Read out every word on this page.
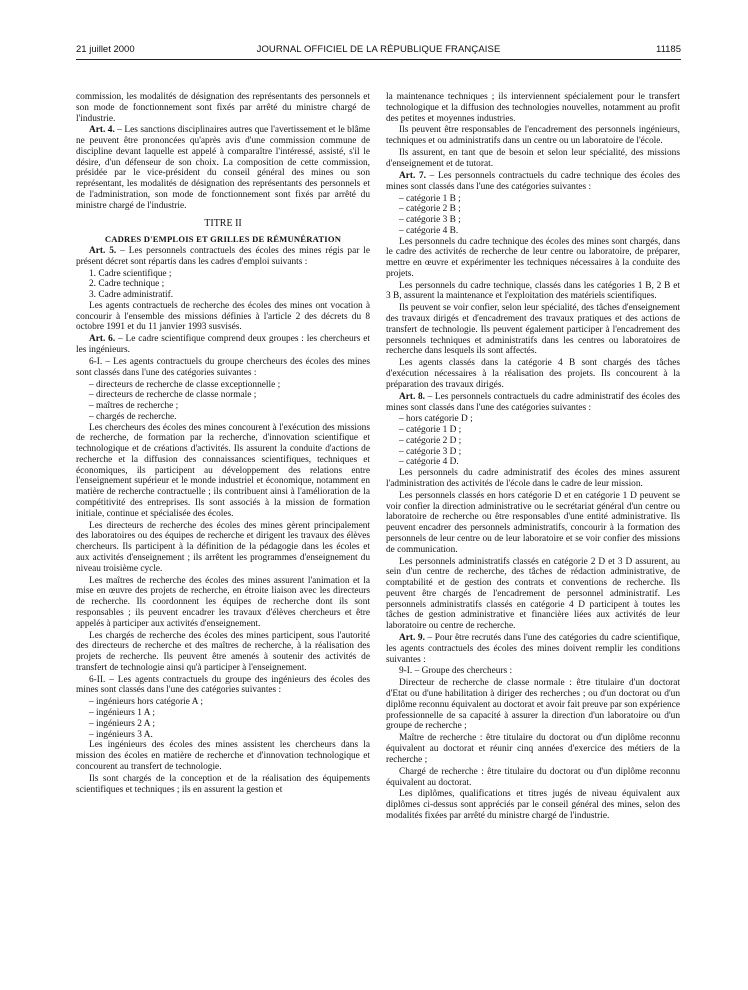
21 juillet 2000	JOURNAL OFFICIEL DE LA RÉPUBLIQUE FRANÇAISE	11185

commission, les modalités de désignation des représentants des personnels et son mode de fonctionnement sont fixés par arrêté du ministre chargé de l'industrie.

Art. 4. – Les sanctions disciplinaires autres que l'avertissement et le blâme ne peuvent être prononcées qu'après avis d'une commission commune de discipline devant laquelle est appelé à comparaître l'intéressé, assisté, s'il le désire, d'un défenseur de son choix. La composition de cette commission, présidée par le vice-président du conseil général des mines ou son représentant, les modalités de désignation des représentants des personnels et de l'administration, son mode de fonctionnement sont fixés par arrêté du ministre chargé de l'industrie.

TITRE II
CADRES D'EMPLOIS ET GRILLES DE RÉMUNÉRATION

Art. 5. – Les personnels contractuels des écoles des mines régis par le présent décret sont répartis dans les cadres d'emploi suivants :

1. Cadre scientifique ;

2. Cadre technique ;

3. Cadre administratif.

Les agents contractuels de recherche des écoles des mines ont vocation à concourir à l'ensemble des missions définies à l'article 2 des décrets du 8 octobre 1991 et du 11 janvier 1993 susvisés.

Art. 6. – Le cadre scientifique comprend deux groupes : les chercheurs et les ingénieurs.

6-I. – Les agents contractuels du groupe chercheurs des écoles des mines sont classés dans l'une des catégories suivantes :

– directeurs de recherche de classe exceptionnelle ;

– directeurs de recherche de classe normale ;

– maîtres de recherche ;

– chargés de recherche.

Les chercheurs des écoles des mines concourent à l'exécution des missions de recherche, de formation par la recherche, d'innovation scientifique et technologique et de créations d'activités. Ils assurent la conduite d'actions de recherche et la diffusion des connaissances scientifiques, techniques et économiques, ils participent au développement des relations entre l'enseignement supérieur et le monde industriel et économique, notamment en matière de recherche contractuelle ; ils contribuent ainsi à l'amélioration de la compétitivité des entreprises. Ils sont associés à la mission de formation initiale, continue et spécialisée des écoles.

Les directeurs de recherche des écoles des mines gèrent principalement des laboratoires ou des équipes de recherche et dirigent les travaux des élèves chercheurs. Ils participent à la définition de la pédagogie dans les écoles et aux activités d'enseignement ; ils arrêtent les programmes d'enseignement du niveau troisième cycle.

Les maîtres de recherche des écoles des mines assurent l'animation et la mise en œuvre des projets de recherche, en étroite liaison avec les directeurs de recherche. Ils coordonnent les équipes de recherche dont ils sont responsables ; ils peuvent encadrer les travaux d'élèves chercheurs et être appelés à participer aux activités d'enseignement.

Les chargés de recherche des écoles des mines participent, sous l'autorité des directeurs de recherche et des maîtres de recherche, à la réalisation des projets de recherche. Ils peuvent être amenés à soutenir des activités de transfert de technologie ainsi qu'à participer à l'enseignement.

6-II. – Les agents contractuels du groupe des ingénieurs des écoles des mines sont classés dans l'une des catégories suivantes :

– ingénieurs hors catégorie A ;

– ingénieurs 1 A ;

– ingénieurs 2 A ;

– ingénieurs 3 A.

Les ingénieurs des écoles des mines assistent les chercheurs dans la mission des écoles en matière de recherche et d'innovation technologique et concourent au transfert de technologie.

Ils sont chargés de la conception et de la réalisation des équipements scientifiques et techniques ; ils en assurent la gestion et

la maintenance techniques ; ils interviennent spécialement pour le transfert technologique et la diffusion des technologies nouvelles, notamment au profit des petites et moyennes industries.

Ils peuvent être responsables de l'encadrement des personnels ingénieurs, techniques et ou administratifs dans un centre ou un laboratoire de l'école.

Ils assurent, en tant que de besoin et selon leur spécialité, des missions d'enseignement et de tutorat.

Art. 7. – Les personnels contractuels du cadre technique des écoles des mines sont classés dans l'une des catégories suivantes :

– catégorie 1 B ;

– catégorie 2 B ;

– catégorie 3 B ;

– catégorie 4 B.

Les personnels du cadre technique des écoles des mines sont chargés, dans le cadre des activités de recherche de leur centre ou laboratoire, de préparer, mettre en œuvre et expérimenter les techniques nécessaires à la conduite des projets.

Les personnels du cadre technique, classés dans les catégories 1 B, 2 B et 3 B, assurent la maintenance et l'exploitation des matériels scientifiques.

Ils peuvent se voir confier, selon leur spécialité, des tâches d'enseignement des travaux dirigés et d'encadrement des travaux pratiques et des actions de transfert de technologie. Ils peuvent également participer à l'encadrement des personnels techniques et administratifs dans les centres ou laboratoires de recherche dans lesquels ils sont affectés.

Les agents classés dans la catégorie 4 B sont chargés des tâches d'exécution nécessaires à la réalisation des projets. Ils concourent à la préparation des travaux dirigés.

Art. 8. – Les personnels contractuels du cadre administratif des écoles des mines sont classés dans l'une des catégories suivantes :

– hors catégorie D ;

– catégorie 1 D ;

– catégorie 2 D ;

– catégorie 3 D ;

– catégorie 4 D.

Les personnels du cadre administratif des écoles des mines assurent l'administration des activités de l'école dans le cadre de leur mission.

Les personnels classés en hors catégorie D et en catégorie 1 D peuvent se voir confier la direction administrative ou le secrétariat général d'un centre ou laboratoire de recherche ou être responsables d'une entité administrative. Ils peuvent encadrer des personnels administratifs, concourir à la formation des personnels de leur centre ou de leur laboratoire et se voir confier des missions de communication.

Les personnels administratifs classés en catégorie 2 D et 3 D assurent, au sein d'un centre de recherche, des tâches de rédaction administrative, de comptabilité et de gestion des contrats et conventions de recherche. Ils peuvent être chargés de l'encadrement de personnel administratif. Les personnels administratifs classés en catégorie 4 D participent à toutes les tâches de gestion administrative et financière liées aux activités de leur laboratoire ou centre de recherche.

Art. 9. – Pour être recrutés dans l'une des catégories du cadre scientifique, les agents contractuels des écoles des mines doivent remplir les conditions suivantes :

9-I. – Groupe des chercheurs :

Directeur de recherche de classe normale : être titulaire d'un doctorat d'Etat ou d'une habilitation à diriger des recherches ; ou d'un doctorat ou d'un diplôme reconnu équivalent au doctorat et avoir fait preuve par son expérience professionnelle de sa capacité à assurer la direction d'un laboratoire ou d'un groupe de recherche ;

Maître de recherche : être titulaire du doctorat ou d'un diplôme reconnu équivalent au doctorat et réunir cinq années d'exercice des métiers de la recherche ;

Chargé de recherche : être titulaire du doctorat ou d'un diplôme reconnu équivalent au doctorat.

Les diplômes, qualifications et titres jugés de niveau équivalent aux diplômes ci-dessus sont appréciés par le conseil général des mines, selon des modalités fixées par arrêté du ministre chargé de l'industrie.
